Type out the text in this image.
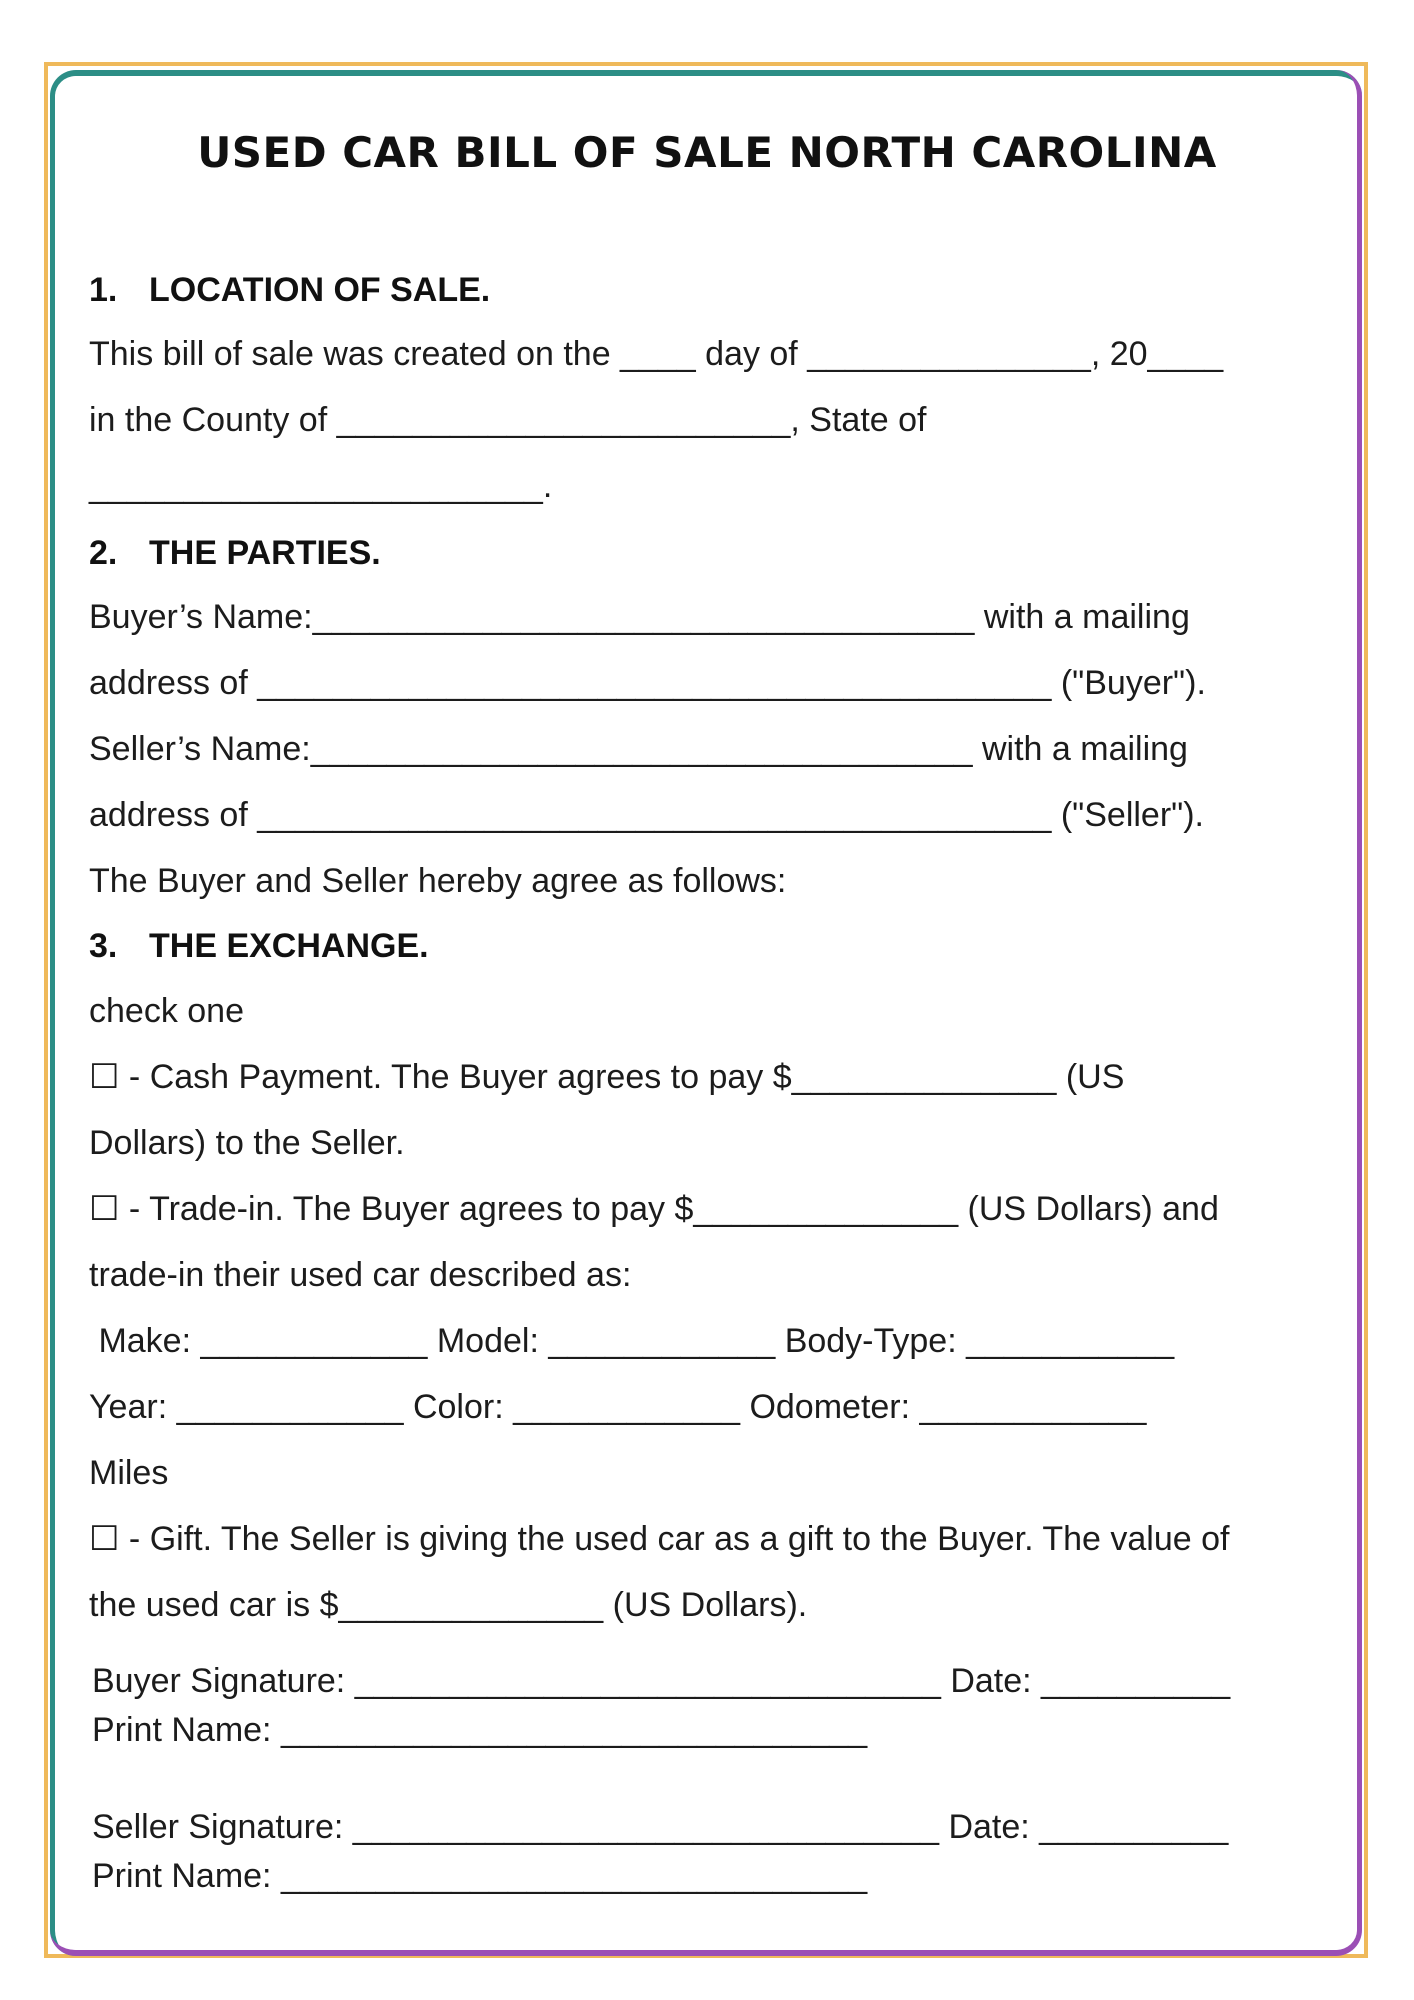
USED CAR BILL OF SALE NORTH CAROLINA
1. LOCATION OF SALE.
This bill of sale was created on the ____ day of _______________, 20____
in the County of ________________________, State of
________________________.
2. THE PARTIES.
Buyer’s Name:___________________________________ with a mailing
address of __________________________________________ ("Buyer").
Seller’s Name:___________________________________ with a mailing
address of __________________________________________ ("Seller").
The Buyer and Seller hereby agree as follows:
3. THE EXCHANGE.
check one
☐ - Cash Payment. The Buyer agrees to pay $______________ (US
Dollars) to the Seller.
☐ - Trade-in. The Buyer agrees to pay $______________ (US Dollars) and
trade-in their used car described as:
Make: ____________ Model: ____________ Body-Type: ___________
Year: ____________ Color: ____________ Odometer: ____________
Miles
☐ - Gift. The Seller is giving the used car as a gift to the Buyer. The value of
the used car is $______________ (US Dollars).
Buyer Signature: _______________________________ Date: __________
Print Name: _______________________________
Seller Signature: _______________________________ Date: __________
Print Name: _______________________________
